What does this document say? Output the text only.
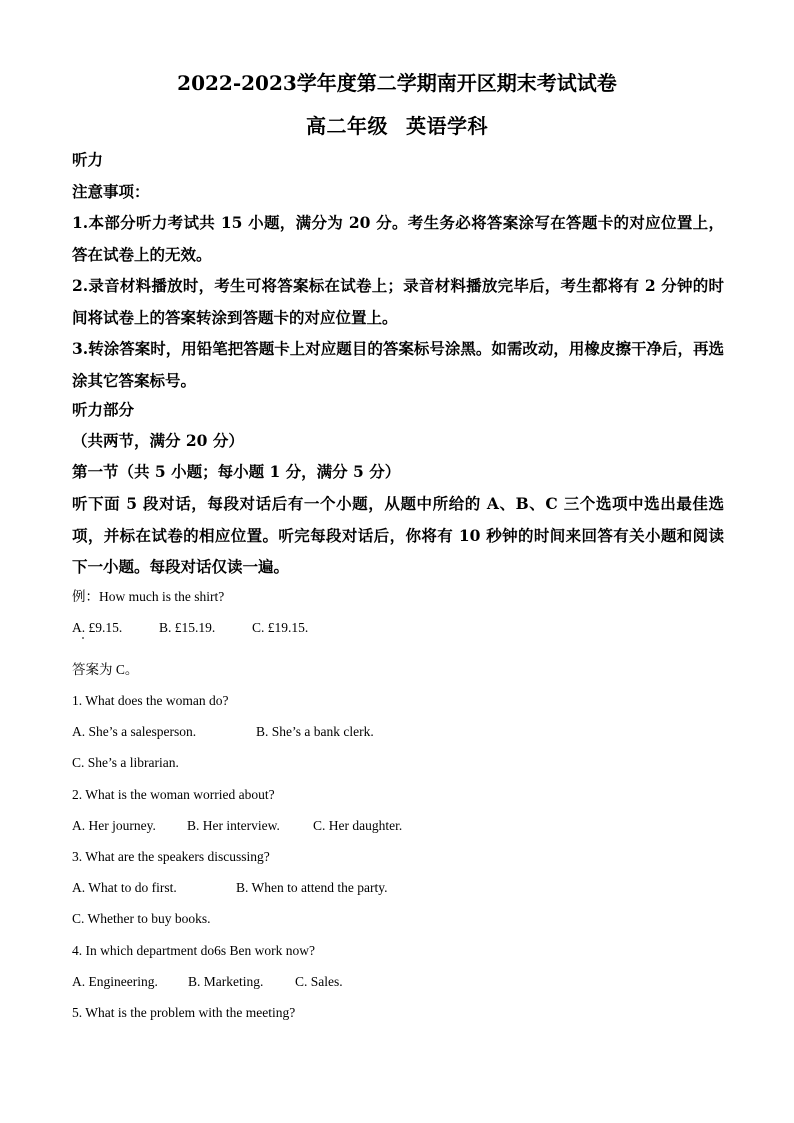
2022-2023学年度第二学期南开区期末考试试卷
高二年级 英语学科
听力
注意事项：
1.本部分听力考试共 15 小题，满分为 20 分。考生务必将答案涂写在答题卡的对应位置上，答在试卷上的无效。
2.录音材料播放时，考生可将答案标在试卷上；录音材料播放完毕后，考生都将有 2 分钟的时间将试卷上的答案转涂到答题卡的对应位置上。
3.转涂答案时，用铅笔把答题卡上对应题目的答案标号涂黑。如需改动，用橡皮擦干净后，再选涂其它答案标号。
听力部分
（共两节，满分 20 分）
第一节（共 5 小题；每小题 1 分，满分 5 分）
听下面 5 段对话，每段对话后有一个小题，从题中所给的 A、B、C 三个选项中选出最佳选项，并标在试卷的相应位置。听完每段对话后，你将有 10 秒钟的时间来回答有关小题和阅读下一小题。每段对话仅读一遍。
例：How much is the shirt?
A. £9.15.	B. £15.19.	C. £19.15.
答案为 C。
1. What does the woman do?
A. She’s a salesperson.	B. She’s a bank clerk.
C. She’s a librarian.
2. What is the woman worried about?
A. Her journey. B. Her interview. C. Her daughter.
3. What are the speakers discussing?
A. What to do first.	B. When to attend the party.
C. Whether to buy books.
4. In which department do6s Ben work now?
A. Engineering. B. Marketing. C. Sales.
5. What is the problem with the meeting?
